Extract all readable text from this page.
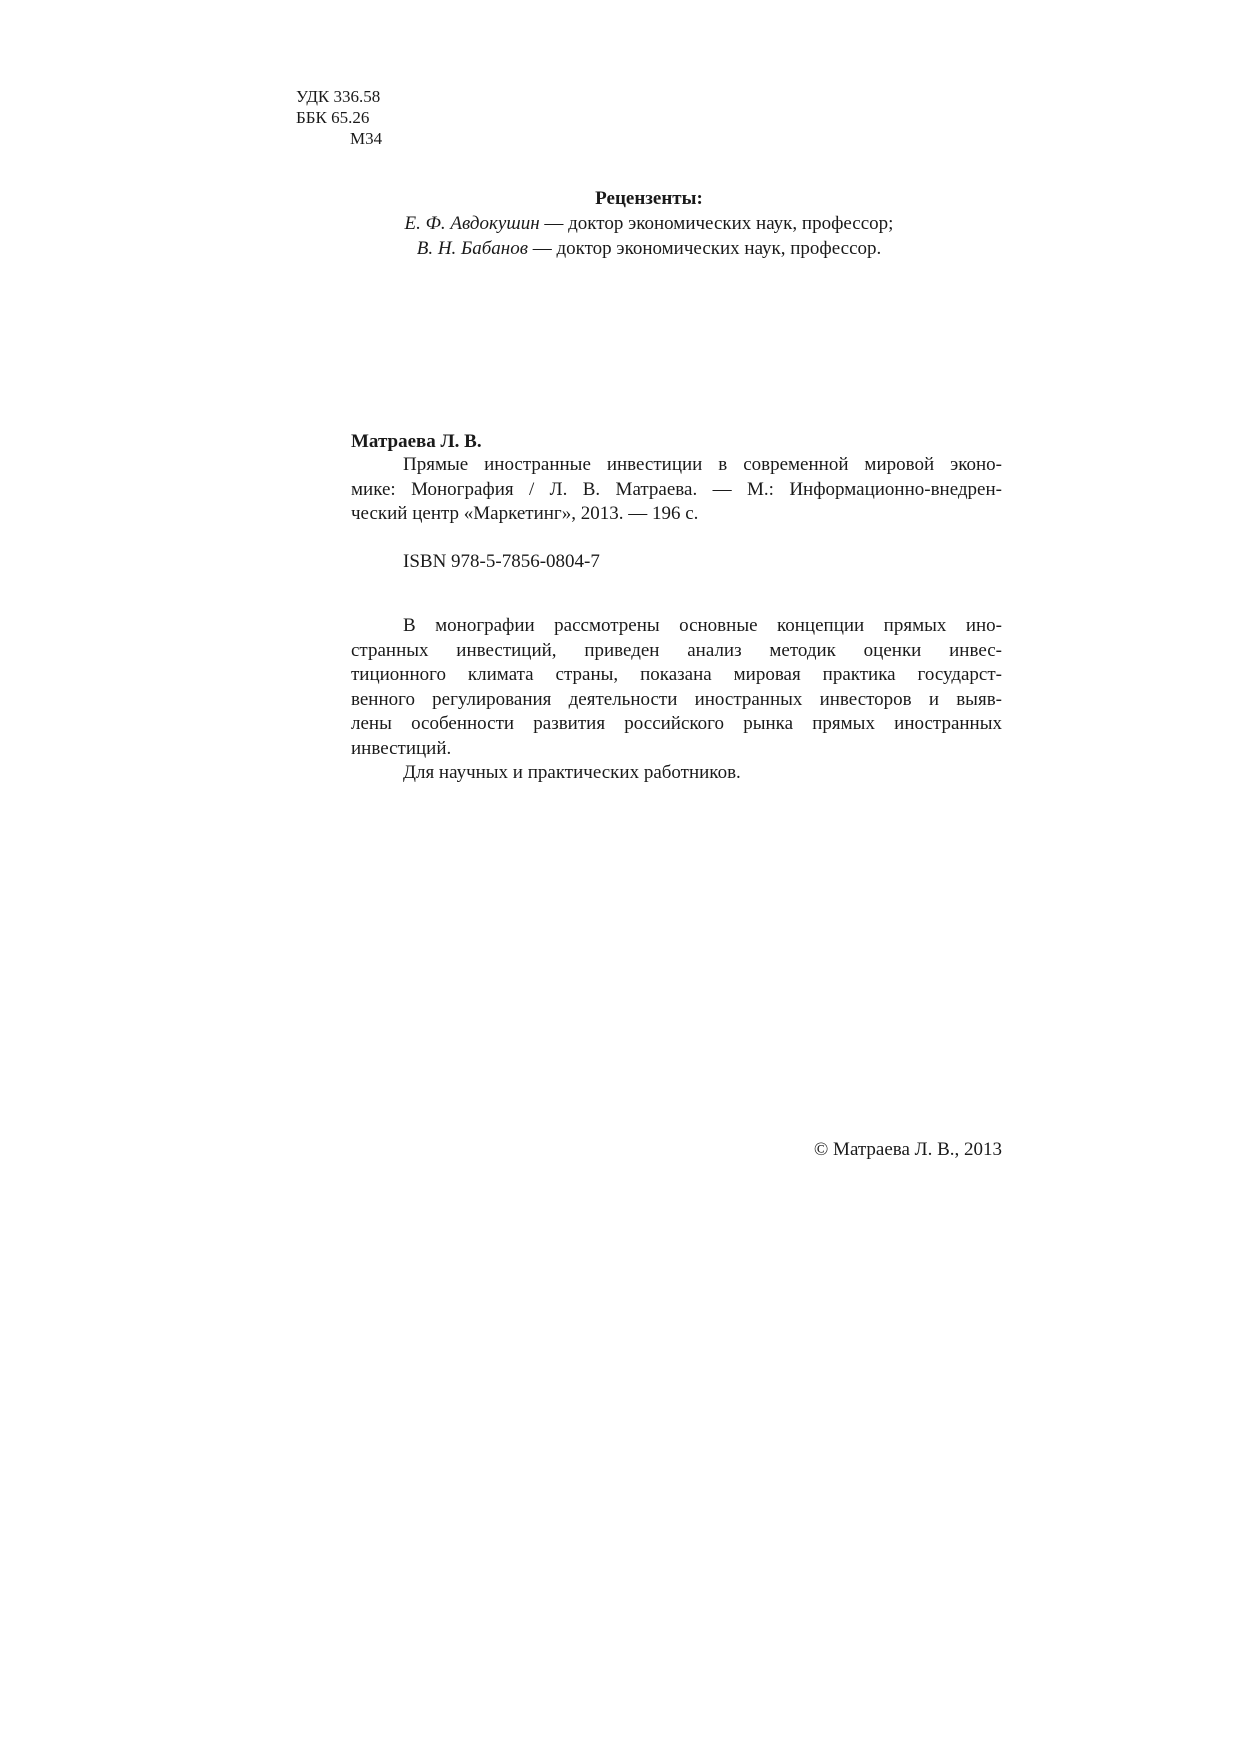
УДК 336.58
ББК 65.26
М34
Рецензенты:
Е. Ф. Авдокушин — доктор экономических наук, профессор;
В. Н. Бабанов — доктор экономических наук, профессор.
Матраева Л. В.
Прямые иностранные инвестиции в современной мировой эконо-
мике: Монография / Л. В. Матраева. — М.: Информационно-внедрен-
ческий центр «Маркетинг», 2013. — 196 с.
ISBN 978-5-7856-0804-7
В монографии рассмотрены основные концепции прямых ино-
странных инвестиций, приведен анализ методик оценки инвес-
тиционного климата страны, показана мировая практика государст-
венного регулирования деятельности иностранных инвесторов и выяв-
лены особенности развития российского рынка прямых иностранных
инвестиций.
Для научных и практических работников.
© Матраева Л. В., 2013
